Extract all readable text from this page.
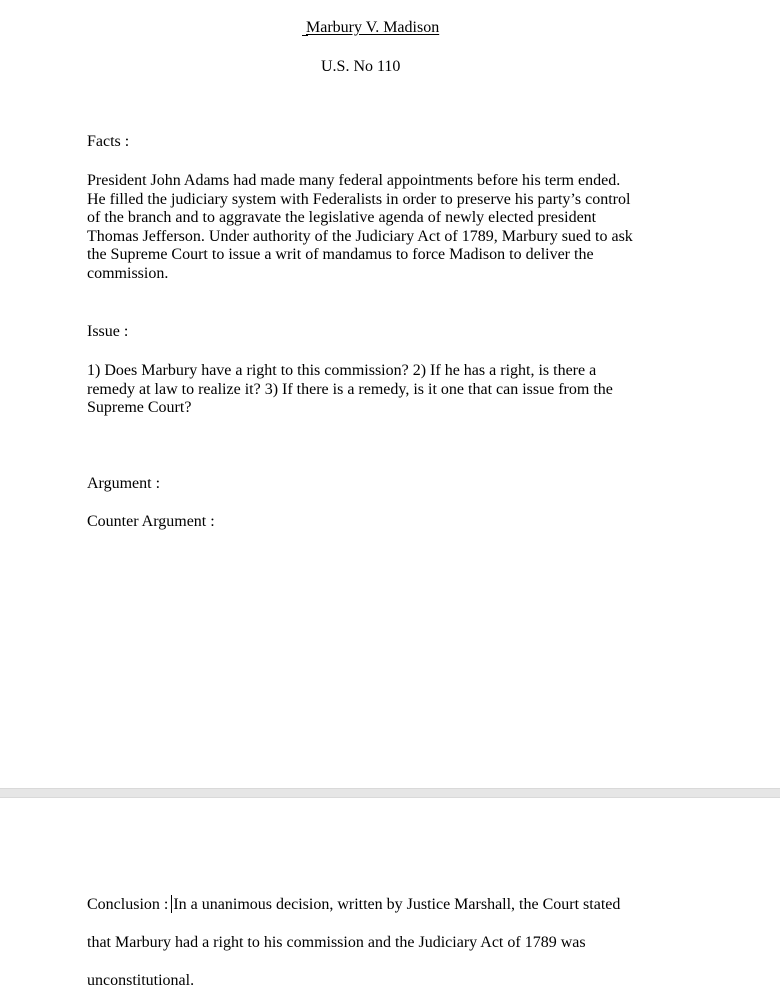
Marbury V. Madison
U.S. No 110
Facts :
President John Adams had made many federal appointments before his term ended.
He filled the judiciary system with Federalists in order to preserve his party’s control
of the branch and to aggravate the legislative agenda of newly elected president
Thomas Jefferson. Under authority of the Judiciary Act of 1789, Marbury sued to ask
the Supreme Court to issue a writ of mandamus to force Madison to deliver the
commission.
Issue :
1) Does Marbury have a right to this commission? 2) If he has a right, is there a
remedy at law to realize it? 3) If there is a remedy, is it one that can issue from the
Supreme Court?
Argument :
Counter Argument :
Conclusion : In a unanimous decision, written by Justice Marshall, the Court stated
that Marbury had a right to his commission and the Judiciary Act of 1789 was
unconstitutional.
